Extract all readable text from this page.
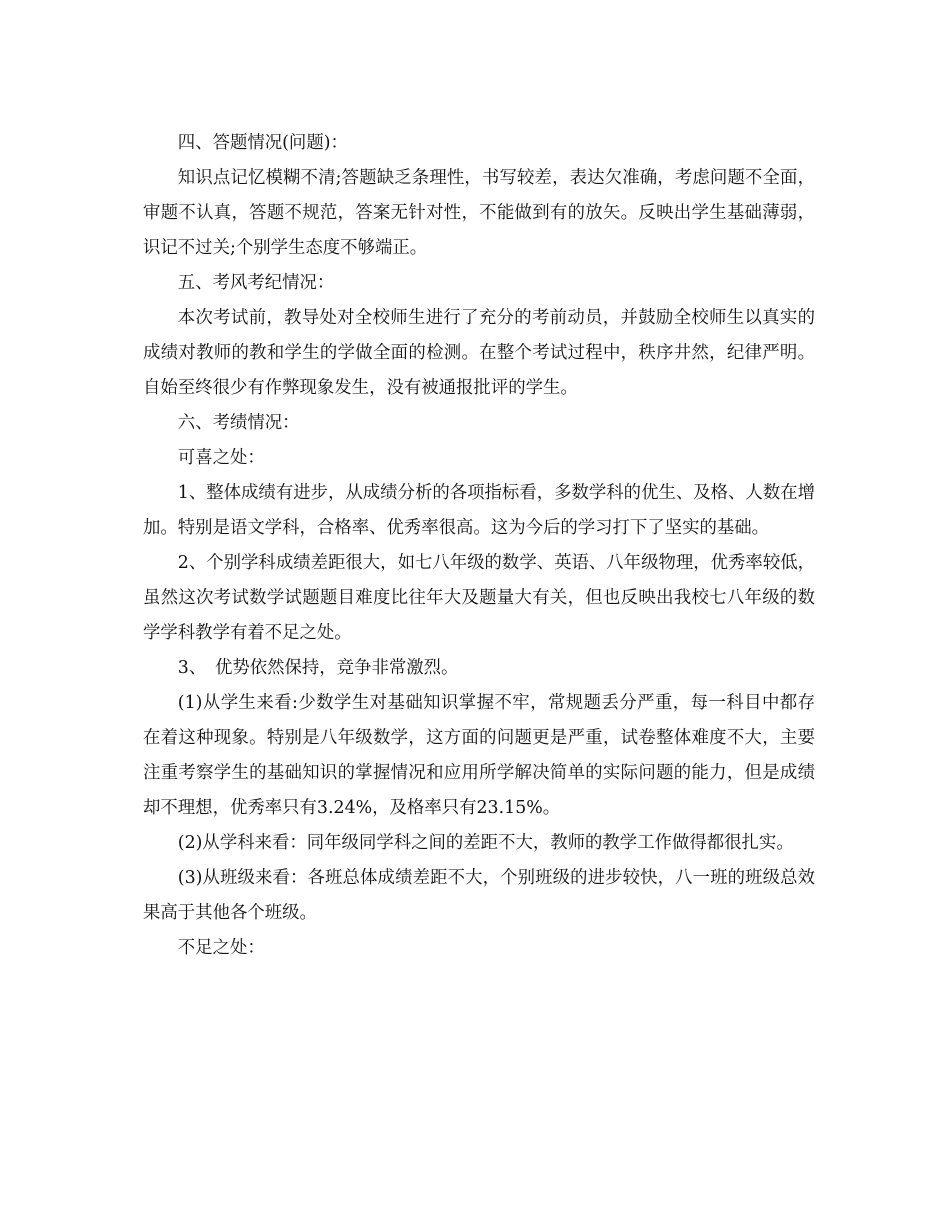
四、答题情况(问题)：

知识点记忆模糊不清;答题缺乏条理性，书写较差，表达欠准确，考虑问题不全面，审题不认真，答题不规范，答案无针对性，不能做到有的放矢。反映出学生基础薄弱，识记不过关;个别学生态度不够端正。

五、考风考纪情况：

本次考试前，教导处对全校师生进行了充分的考前动员，并鼓励全校师生以真实的成绩对教师的教和学生的学做全面的检测。在整个考试过程中，秩序井然，纪律严明。自始至终很少有作弊现象发生，没有被通报批评的学生。

六、考绩情况：

可喜之处：

1、整体成绩有进步，从成绩分析的各项指标看，多数学科的优生、及格、人数在增加。特别是语文学科，合格率、优秀率很高。这为今后的学习打下了坚实的基础。

2、个别学科成绩差距很大，如七八年级的数学、英语、八年级物理，优秀率较低，虽然这次考试数学试题题目难度比往年大及题量大有关，但也反映出我校七八年级的数学学科教学有着不足之处。

3、　优势依然保持，竞争非常激烈。

(1)从学生来看:少数学生对基础知识掌握不牢，常规题丢分严重，每一科目中都存在着这种现象。特别是八年级数学，这方面的问题更是严重，试卷整体难度不大，主要注重考察学生的基础知识的掌握情况和应用所学解决简单的实际问题的能力，但是成绩却不理想，优秀率只有3.24%，及格率只有23.15%。

(2)从学科来看：同年级同学科之间的差距不大，教师的教学工作做得都很扎实。

(3)从班级来看：各班总体成绩差距不大，个别班级的进步较快，八一班的班级总效果高于其他各个班级。

不足之处：
